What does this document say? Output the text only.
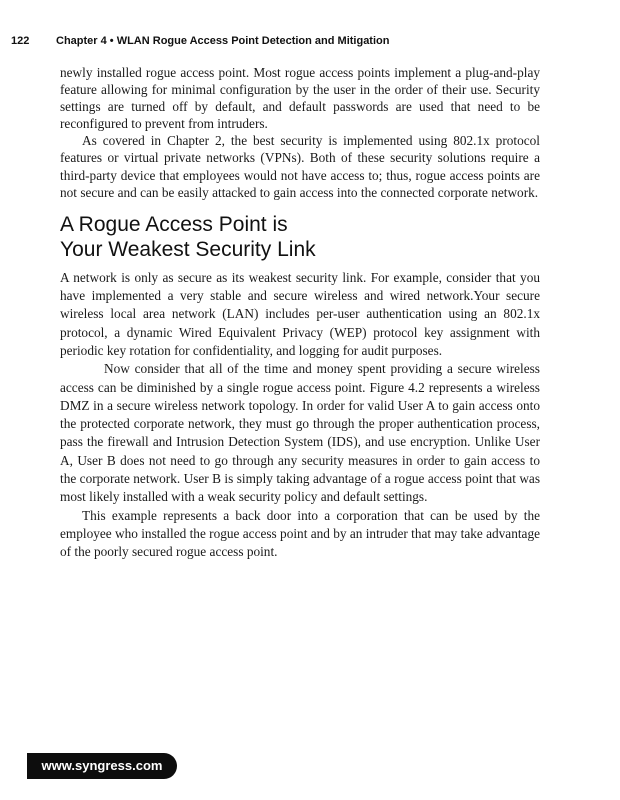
122 Chapter 4 • WLAN Rogue Access Point Detection and Mitigation

newly installed rogue access point. Most rogue access points implement a plug-and-play feature allowing for minimal configuration by the user in the order of their use. Security settings are turned off by default, and default passwords are used that need to be reconfigured to prevent from intruders.

As covered in Chapter 2, the best security is implemented using 802.1x protocol features or virtual private networks (VPNs). Both of these security solutions require a third-party device that employees would not have access to; thus, rogue access points are not secure and can be easily attacked to gain access into the connected corporate network.

A Rogue Access Point is
Your Weakest Security Link

A network is only as secure as its weakest security link. For example, consider that you have implemented a very stable and secure wireless and wired network.Your secure wireless local area network (LAN) includes per-user authentication using an 802.1x protocol, a dynamic Wired Equivalent Privacy (WEP) protocol key assignment with periodic key rotation for confidentiality, and logging for audit purposes.

Now consider that all of the time and money spent providing a secure wireless access can be diminished by a single rogue access point. Figure 4.2 represents a wireless DMZ in a secure wireless network topology. In order for valid User A to gain access onto the protected corporate network, they must go through the proper authentication process, pass the firewall and Intrusion Detection System (IDS), and use encryption. Unlike User A, User B does not need to go through any security measures in order to gain access to the corporate network. User B is simply taking advantage of a rogue access point that was most likely installed with a weak security policy and default settings.

This example represents a back door into a corporation that can be used by the employee who installed the rogue access point and by an intruder that may take advantage of the poorly secured rogue access point.

www.syngress.com
